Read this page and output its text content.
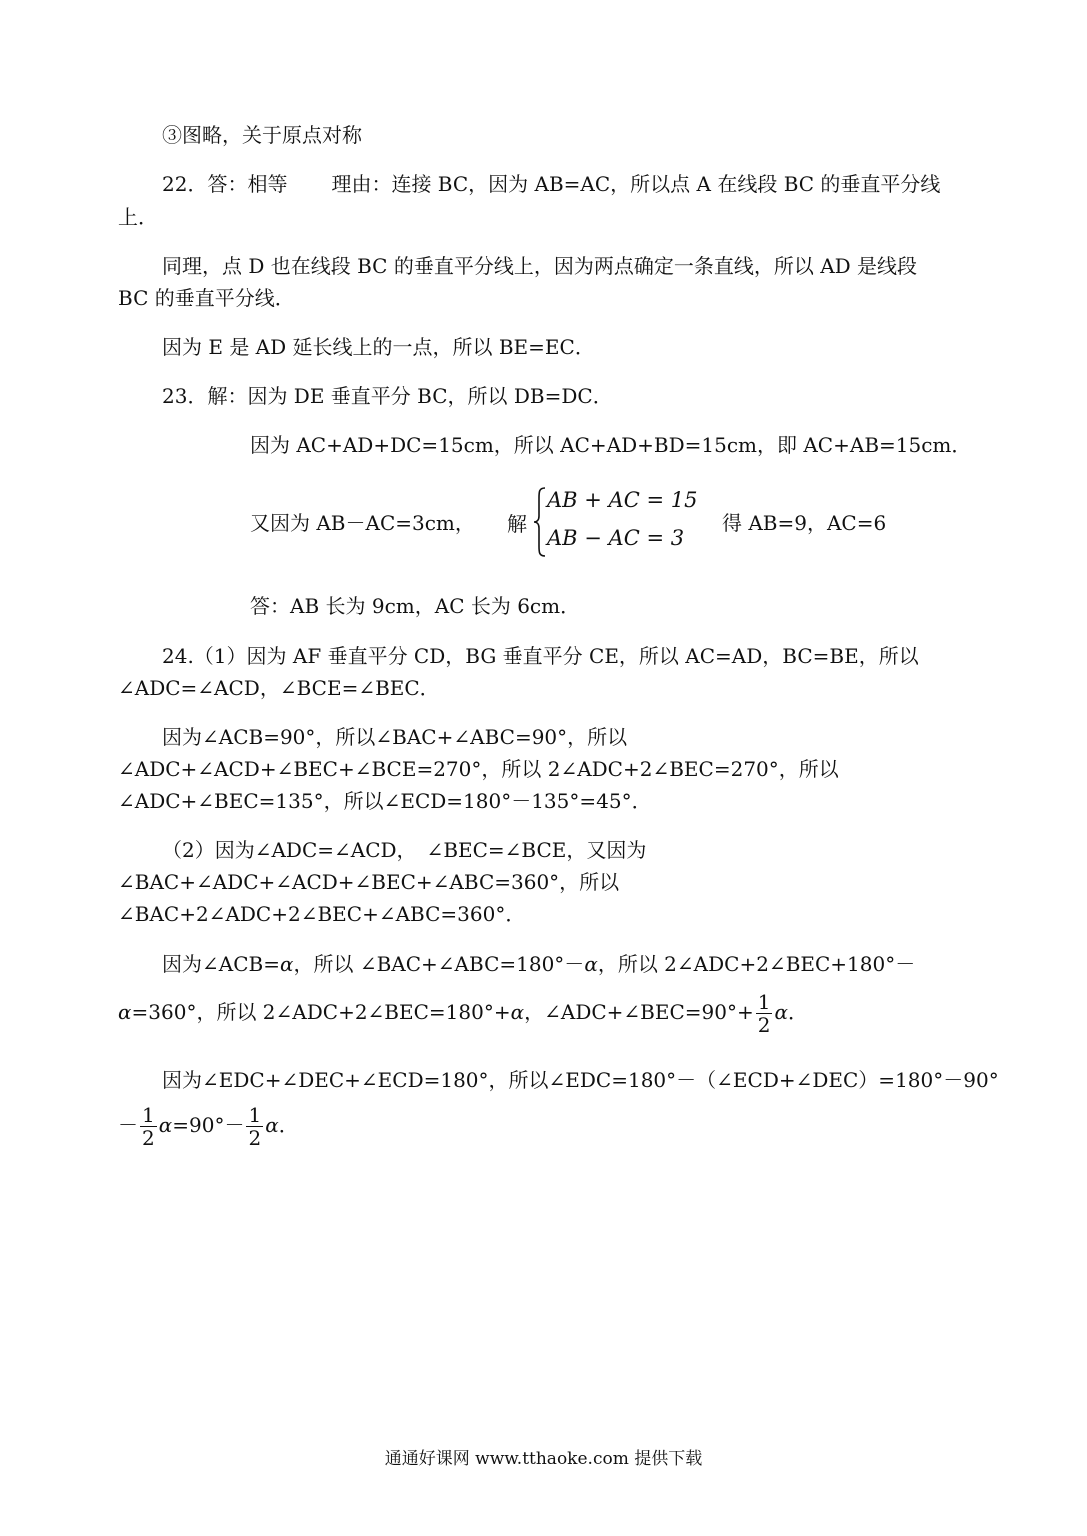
③图略，关于原点对称
22．答：相等 理由：连接 BC，因为 AB=AC，所以点 A 在线段 BC 的垂直平分线
上．
同理，点 D 也在线段 BC 的垂直平分线上，因为两点确定一条直线，所以 AD 是线段
BC 的垂直平分线．
因为 E 是 AD 延长线上的一点，所以 BE=EC．
23．解：因为 DE 垂直平分 BC，所以 DB=DC．
因为 AC+AD+DC=15cm，所以 AC+AD+BD=15cm，即 AC+AB=15cm．
又因为 AB－AC=3cm， 解
AB + AC = 15
AB − AC = 3
得 AB=9，AC=6
答：AB 长为 9cm，AC 长为 6cm．
24.（1）因为 AF 垂直平分 CD，BG 垂直平分 CE，所以 AC=AD，BC=BE，所以
∠ADC=∠ACD，∠BCE=∠BEC．
因为∠ACB=90°，所以∠BAC+∠ABC=90°，所以
∠ADC+∠ACD+∠BEC+∠BCE=270°，所以 2∠ADC+2∠BEC=270°，所以
∠ADC+∠BEC=135°，所以∠ECD=180°－135°=45°．
（2）因为∠ADC=∠ACD，　∠BEC=∠BCE，又因为
∠BAC+∠ADC+∠ACD+∠BEC+∠ABC=360°，所以
∠BAC+2∠ADC+2∠BEC+∠ABC=360°．
因为∠ACB=α，所以 ∠BAC+∠ABC=180°－α，所以 2∠ADC+2∠BEC+180°－
α=360°，所以 2∠ADC+2∠BEC=180°+α，∠ADC+∠BEC=90°+ $\frac{1}{2}$ α．
因为∠EDC+∠DEC+∠ECD=180°，所以∠EDC=180°－（∠ECD+∠DEC）=180°－90°
－ $\frac{1}{2} \alpha=90^\circ- \frac{1}{2}$ α．
通通好课网 www.tthaoke.com 提供下载
